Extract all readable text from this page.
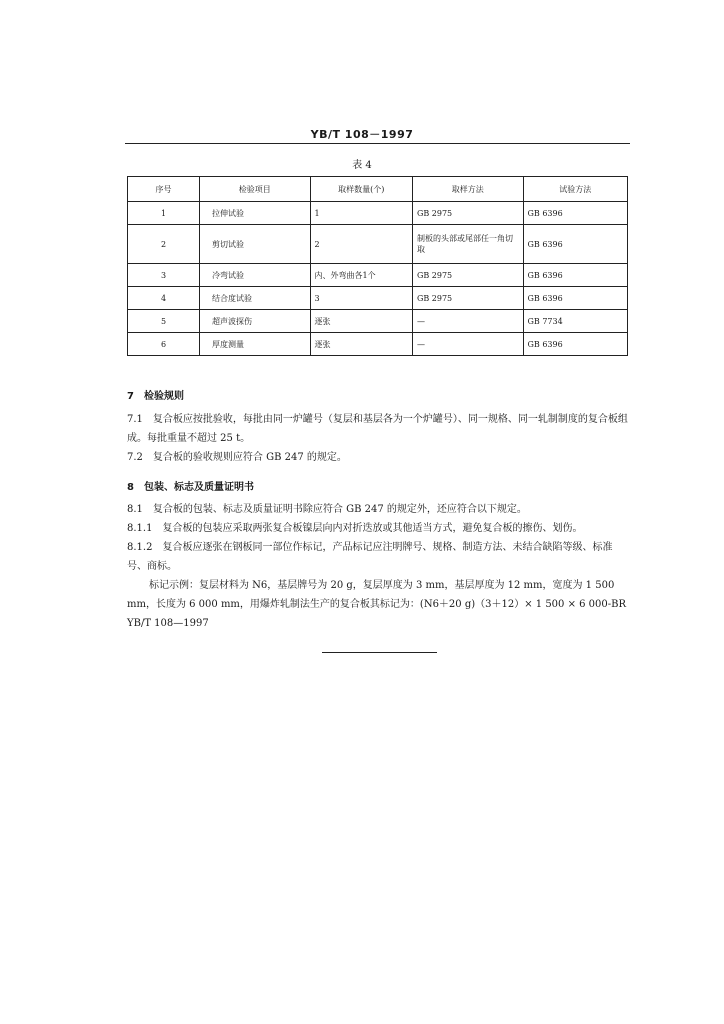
YB/T 108－1997
表 4
序号	检验项目	取样数量(个)	取样方法	试验方法
1	拉伸试验	1	GB 2975	GB 6396
2	剪切试验	2	制板的头部或尾部任一角切取	GB 6396
3	冷弯试验	内、外弯曲各1个	GB 2975	GB 6396
4	结合度试验	3	GB 2975	GB 6396
5	超声波探伤	逐张	—	GB 7734
6	厚度测量	逐张	—	GB 6396
7　检验规则
7.1　复合板应按批验收，每批由同一炉罐号（复层和基层各为一个炉罐号）、同一规格、同一轧制制度的复合板组成。每批重量不超过 25 t。
7.2　复合板的验收规则应符合 GB 247 的规定。
8　包装、标志及质量证明书
8.1　复合板的包装、标志及质量证明书除应符合 GB 247 的规定外，还应符合以下规定。
8.1.1　复合板的包装应采取两张复合板镍层向内对折迭放或其他适当方式，避免复合板的擦伤、划伤。
8.1.2　复合板应逐张在钢板同一部位作标记，产品标记应注明牌号、规格、制造方法、未结合缺陷等级、标准号、商标。
标记示例：复层材料为 N6，基层牌号为 20 g，复层厚度为 3 mm，基层厚度为 12 mm，宽度为 1 500 mm，长度为 6 000 mm，用爆炸轧制法生产的复合板其标记为：(N6＋20 g)（3＋12）× 1 500 × 6 000-BR YB/T 108—1997
